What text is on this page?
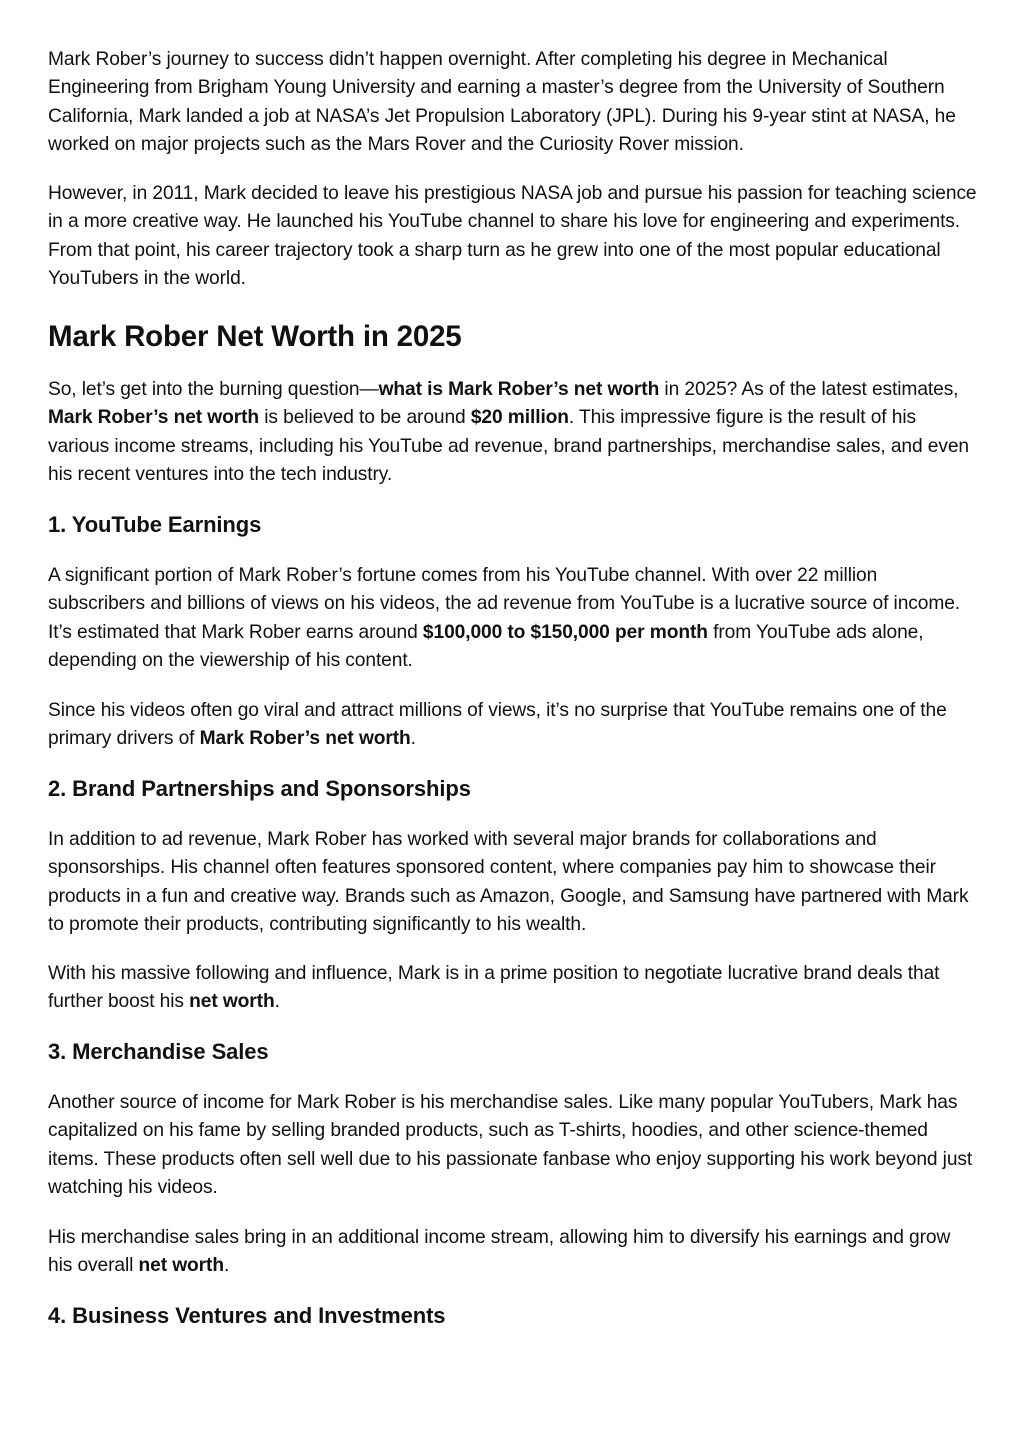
Mark Rober’s journey to success didn’t happen overnight. After completing his degree in Mechanical Engineering from Brigham Young University and earning a master’s degree from the University of Southern California, Mark landed a job at NASA’s Jet Propulsion Laboratory (JPL). During his 9-year stint at NASA, he worked on major projects such as the Mars Rover and the Curiosity Rover mission.

However, in 2011, Mark decided to leave his prestigious NASA job and pursue his passion for teaching science in a more creative way. He launched his YouTube channel to share his love for engineering and experiments. From that point, his career trajectory took a sharp turn as he grew into one of the most popular educational YouTubers in the world.

Mark Rober Net Worth in 2025

So, let’s get into the burning question—what is Mark Rober’s net worth in 2025? As of the latest estimates, Mark Rober’s net worth is believed to be around $20 million. This impressive figure is the result of his various income streams, including his YouTube ad revenue, brand partnerships, merchandise sales, and even his recent ventures into the tech industry.

1. YouTube Earnings

A significant portion of Mark Rober’s fortune comes from his YouTube channel. With over 22 million subscribers and billions of views on his videos, the ad revenue from YouTube is a lucrative source of income. It’s estimated that Mark Rober earns around $100,000 to $150,000 per month from YouTube ads alone, depending on the viewership of his content.

Since his videos often go viral and attract millions of views, it’s no surprise that YouTube remains one of the primary drivers of Mark Rober’s net worth.

2. Brand Partnerships and Sponsorships

In addition to ad revenue, Mark Rober has worked with several major brands for collaborations and sponsorships. His channel often features sponsored content, where companies pay him to showcase their products in a fun and creative way. Brands such as Amazon, Google, and Samsung have partnered with Mark to promote their products, contributing significantly to his wealth.

With his massive following and influence, Mark is in a prime position to negotiate lucrative brand deals that further boost his net worth.

3. Merchandise Sales

Another source of income for Mark Rober is his merchandise sales. Like many popular YouTubers, Mark has capitalized on his fame by selling branded products, such as T-shirts, hoodies, and other science-themed items. These products often sell well due to his passionate fanbase who enjoy supporting his work beyond just watching his videos.

His merchandise sales bring in an additional income stream, allowing him to diversify his earnings and grow his overall net worth.

4. Business Ventures and Investments
